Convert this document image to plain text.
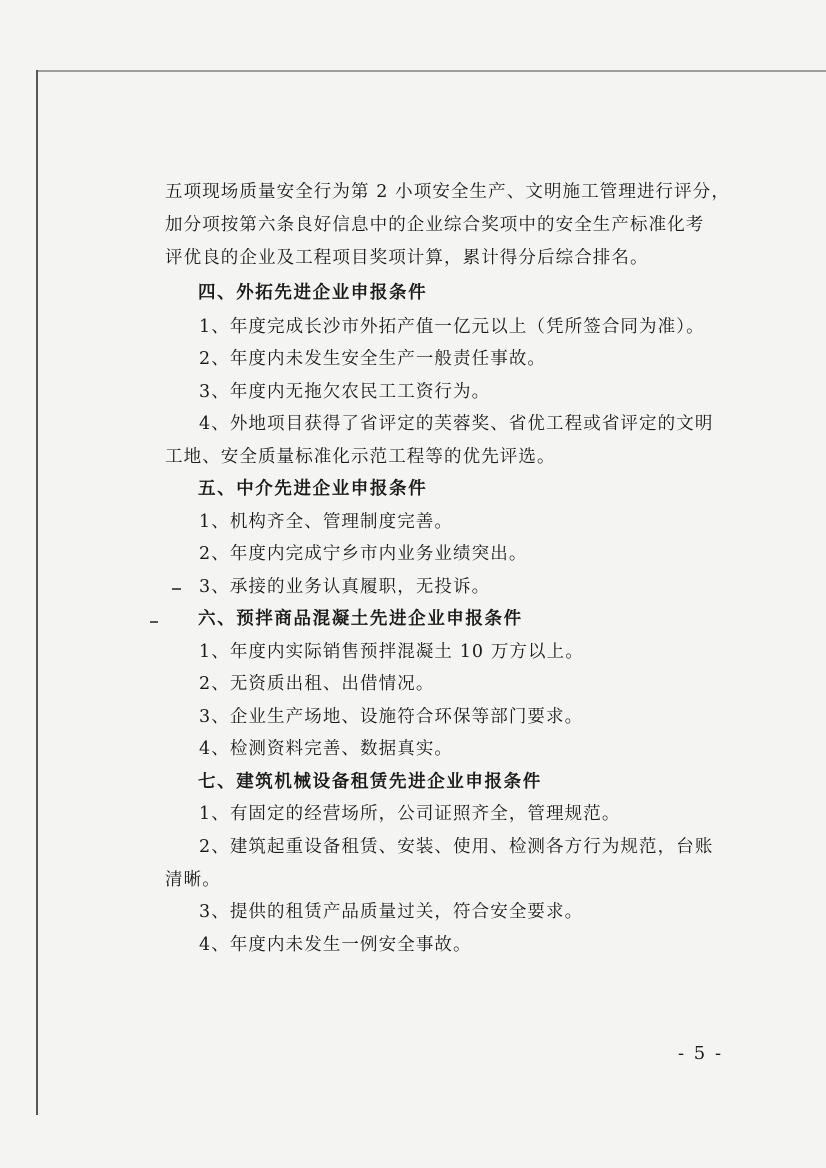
五项现场质量安全行为第 2 小项安全生产、文明施工管理进行评分，
加分项按第六条良好信息中的企业综合奖项中的安全生产标准化考
评优良的企业及工程项目奖项计算，累计得分后综合排名。
四、外拓先进企业申报条件
1、年度完成长沙市外拓产值一亿元以上（凭所签合同为准）。
2、年度内未发生安全生产一般责任事故。
3、年度内无拖欠农民工工资行为。
4、外地项目获得了省评定的芙蓉奖、省优工程或省评定的文明
工地、安全质量标准化示范工程等的优先评选。
五、中介先进企业申报条件
1、机构齐全、管理制度完善。
2、年度内完成宁乡市内业务业绩突出。
3、承接的业务认真履职，无投诉。
六、预拌商品混凝土先进企业申报条件
1、年度内实际销售预拌混凝土 10 万方以上。
2、无资质出租、出借情况。
3、企业生产场地、设施符合环保等部门要求。
4、检测资料完善、数据真实。
七、建筑机械设备租赁先进企业申报条件
1、有固定的经营场所，公司证照齐全，管理规范。
2、建筑起重设备租赁、安装、使用、检测各方行为规范，台账
清晰。
3、提供的租赁产品质量过关，符合安全要求。
4、年度内未发生一例安全事故。
- 5 -
